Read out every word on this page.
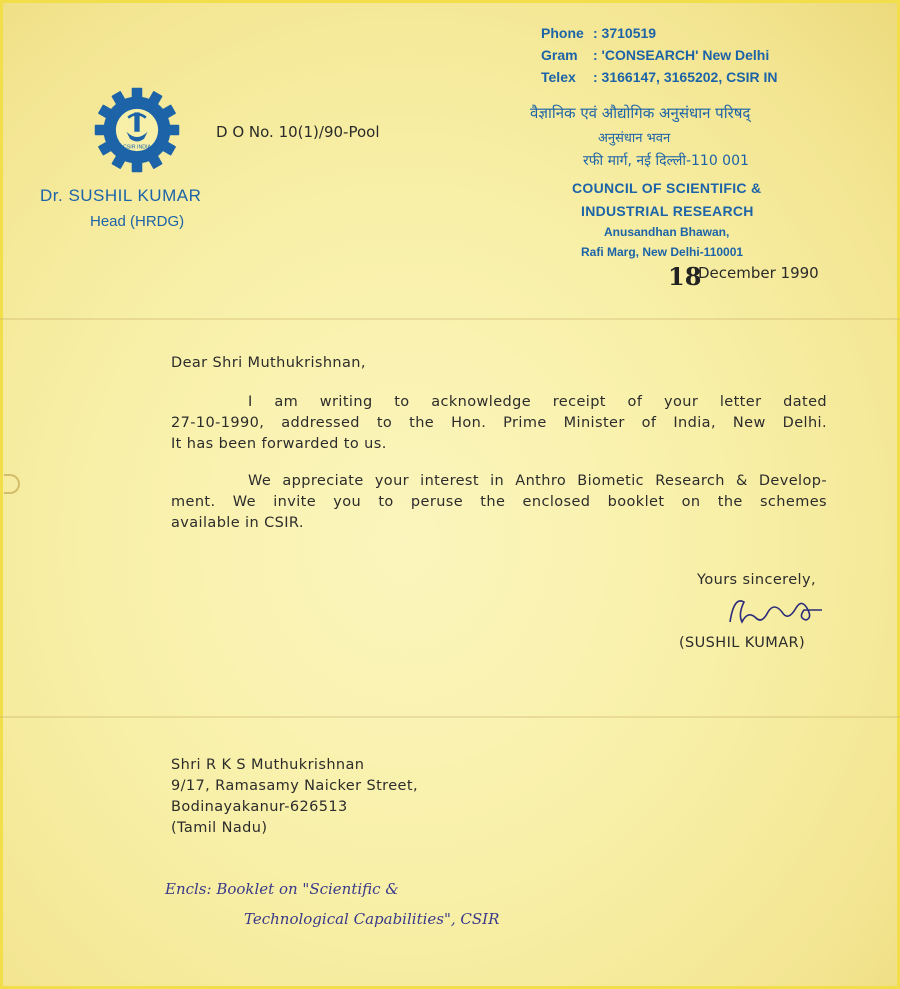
CSIR INDIA
Dr. SUSHIL KUMAR
Head (HRDG)
D O No. 10(1)/90-Pool
Phone : 3710519
Gram : 'CONSEARCH' New Delhi
Telex : 3166147, 3165202, CSIR IN
वैज्ञानिक एवं औद्योगिक अनुसंधान परिषद्
अनुसंधान भवन
रफी मार्ग, नई दिल्ली-110 001
COUNCIL OF SCIENTIFIC &
INDUSTRIAL RESEARCH
Anusandhan Bhawan,
Rafi Marg, New Delhi-110001
18
December 1990
Dear Shri Muthukrishnan,
I am writing to acknowledge receipt of your letter dated
27-10-1990, addressed to the Hon. Prime Minister of India, New Delhi.
It has been forwarded to us.
We appreciate your interest in Anthro Biometic Research & Develop-
ment. We invite you to peruse the enclosed booklet on the schemes
available in CSIR.
Yours sincerely,
(SUSHIL KUMAR)
Shri R K S Muthukrishnan
9/17, Ramasamy Naicker Street,
Bodinayakanur-626513
(Tamil Nadu)
Encls: Booklet on "Scientific &
Technological Capabilities", CSIR
